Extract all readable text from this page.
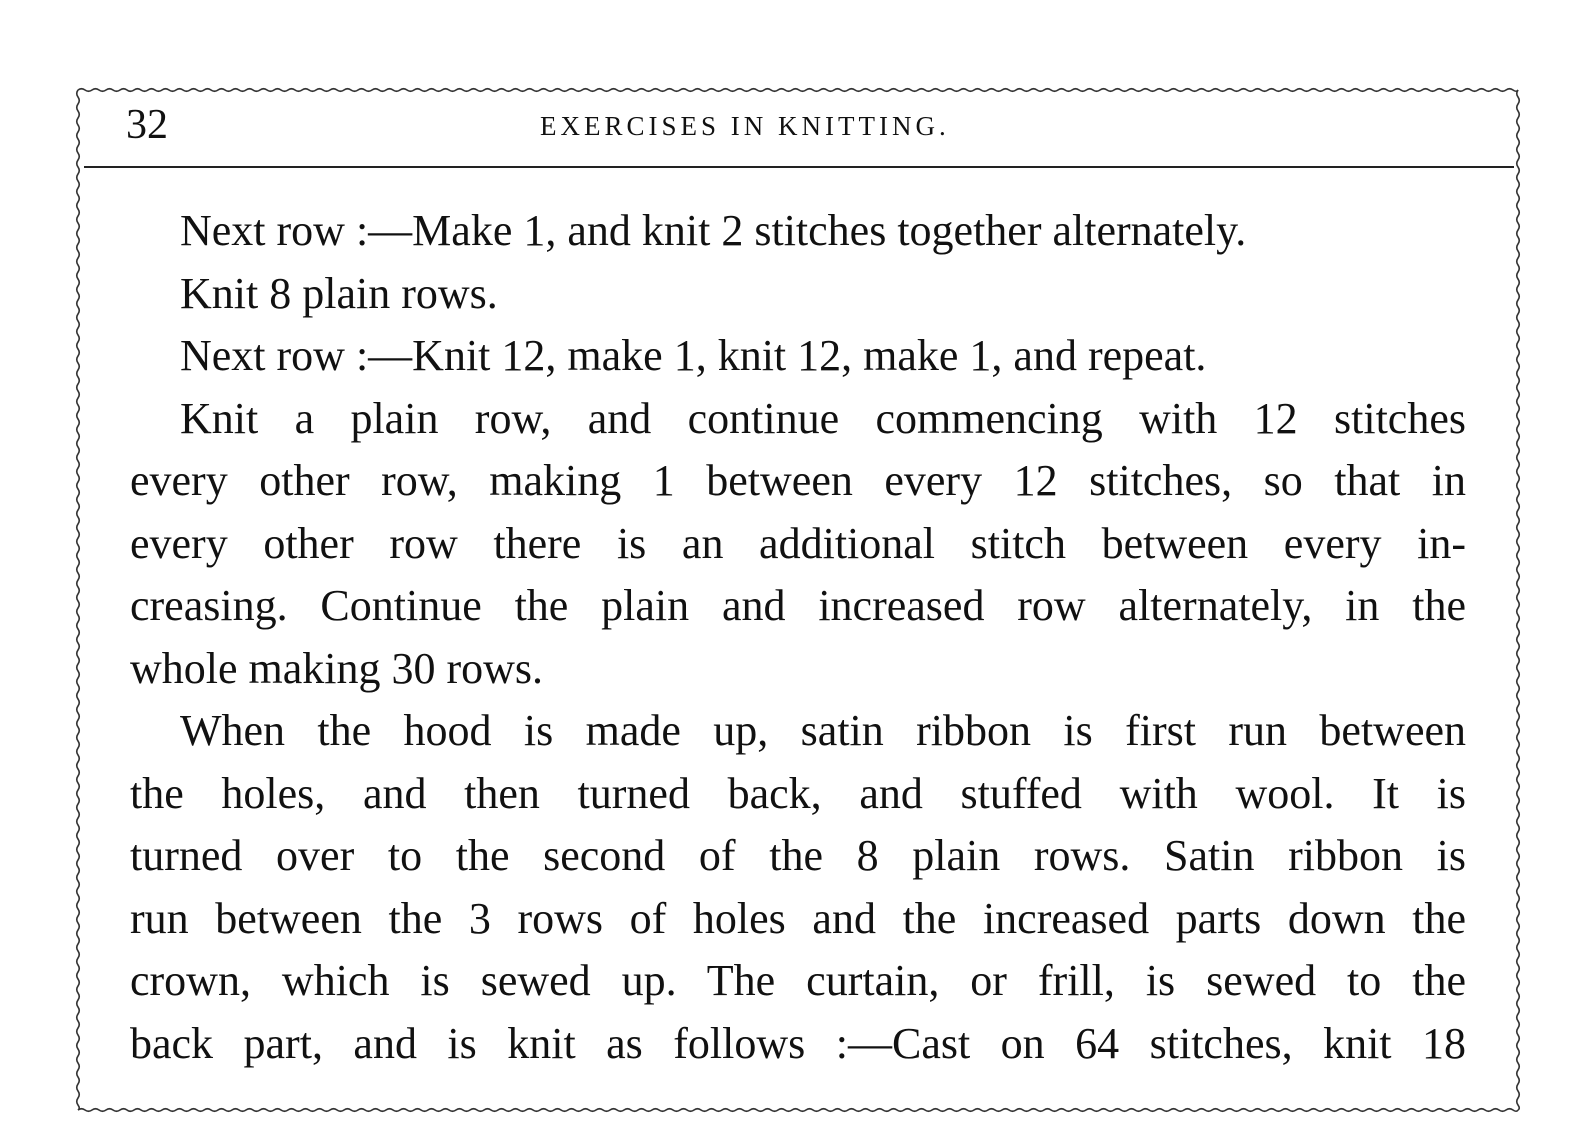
32	EXERCISES IN KNITTING.
Next row :—Make 1, and knit 2 stitches together alternately.
Knit 8 plain rows.
Next row :—Knit 12, make 1, knit 12, make 1, and repeat.
Knit a plain row, and continue commencing with 12 stitches
every other row, making 1 between every 12 stitches, so that in
every other row there is an additional stitch between every in-
creasing. Continue the plain and increased row alternately, in the
whole making 30 rows.
When the hood is made up, satin ribbon is first run between
the holes, and then turned back, and stuffed with wool. It is
turned over to the second of the 8 plain rows. Satin ribbon is
run between the 3 rows of holes and the increased parts down the
crown, which is sewed up. The curtain, or frill, is sewed to the
back part, and is knit as follows :—Cast on 64 stitches, knit 18
